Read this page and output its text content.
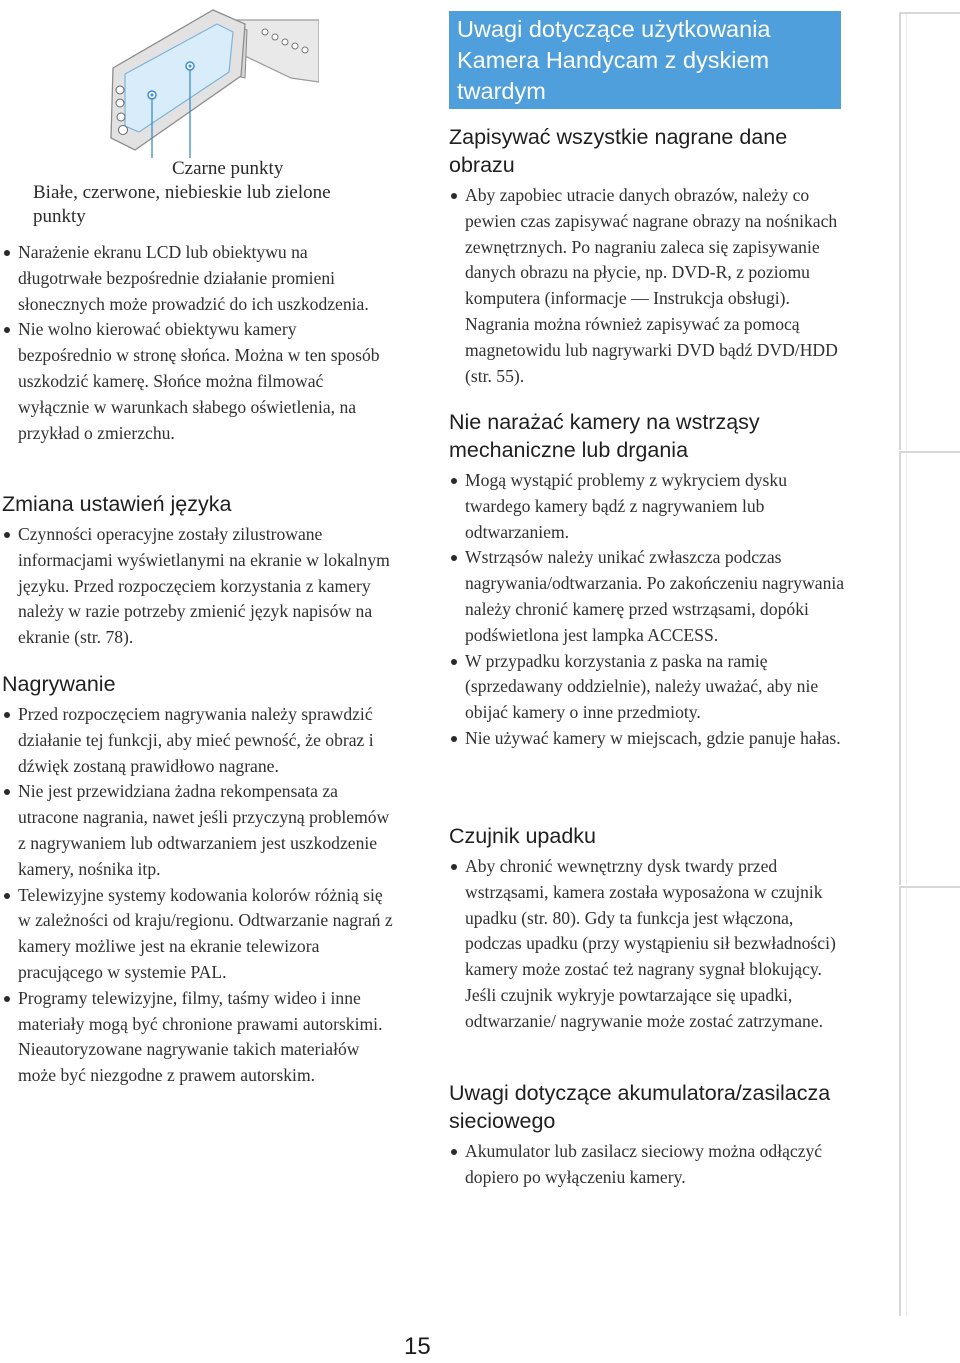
Czarne punkty
Białe, czerwone, niebieskie lub zielone punkty
Narażenie ekranu LCD lub obiektywu na długotrwałe bezpośrednie działanie promieni słonecznych może prowadzić do ich uszkodzenia.
Nie wolno kierować obiektywu kamery bezpośrednio w stronę słońca. Można w ten sposób uszkodzić kamerę. Słońce można filmować wyłącznie w warunkach słabego oświetlenia, na przykład o zmierzchu.
Zmiana ustawień języka
Czynności operacyjne zostały zilustrowane informacjami wyświetlanymi na ekranie w lokalnym języku. Przed rozpoczęciem korzystania z kamery należy w razie potrzeby zmienić język napisów na ekranie (str. 78).
Nagrywanie
Przed rozpoczęciem nagrywania należy sprawdzić działanie tej funkcji, aby mieć pewność, że obraz i dźwięk zostaną prawidłowo nagrane.
Nie jest przewidziana żadna rekompensata za utracone nagrania, nawet jeśli przyczyną problemów z nagrywaniem lub odtwarzaniem jest uszkodzenie kamery, nośnika itp.
Telewizyjne systemy kodowania kolorów różnią się w zależności od kraju/regionu. Odtwarzanie nagrań z kamery możliwe jest na ekranie telewizora pracującego w systemie PAL.
Programy telewizyjne, filmy, taśmy wideo i inne materiały mogą być chronione prawami autorskimi. Nieautoryzowane nagrywanie takich materiałów może być niezgodne z prawem autorskim.
Uwagi dotyczące użytkowania Kamera Handycam z dyskiem twardym
Zapisywać wszystkie nagrane dane obrazu
Aby zapobiec utracie danych obrazów, należy co pewien czas zapisywać nagrane obrazy na nośnikach zewnętrznych. Po nagraniu zaleca się zapisywanie danych obrazu na płycie, np. DVD-R, z poziomu komputera (informacje — Instrukcja obsługi). Nagrania można również zapisywać za pomocą magnetowidu lub nagrywarki DVD bądź DVD/HDD (str. 55).
Nie narażać kamery na wstrząsy mechaniczne lub drgania
Mogą wystąpić problemy z wykryciem dysku twardego kamery bądź z nagrywaniem lub odtwarzaniem.
Wstrząsów należy unikać zwłaszcza podczas nagrywania/odtwarzania. Po zakończeniu nagrywania należy chronić kamerę przed wstrząsami, dopóki podświetlona jest lampka ACCESS.
W przypadku korzystania z paska na ramię (sprzedawany oddzielnie), należy uważać, aby nie obijać kamery o inne przedmioty.
Nie używać kamery w miejscach, gdzie panuje hałas.
Czujnik upadku
Aby chronić wewnętrzny dysk twardy przed wstrząsami, kamera została wyposażona w czujnik upadku (str. 80). Gdy ta funkcja jest włączona, podczas upadku (przy wystąpieniu sił bezwładności) kamery może zostać też nagrany sygnał blokujący. Jeśli czujnik wykryje powtarzające się upadki, odtwarzanie/ nagrywanie może zostać zatrzymane.
Uwagi dotyczące akumulatora/zasilacza sieciowego
Akumulator lub zasilacz sieciowy można odłączyć dopiero po wyłączeniu kamery.
15
